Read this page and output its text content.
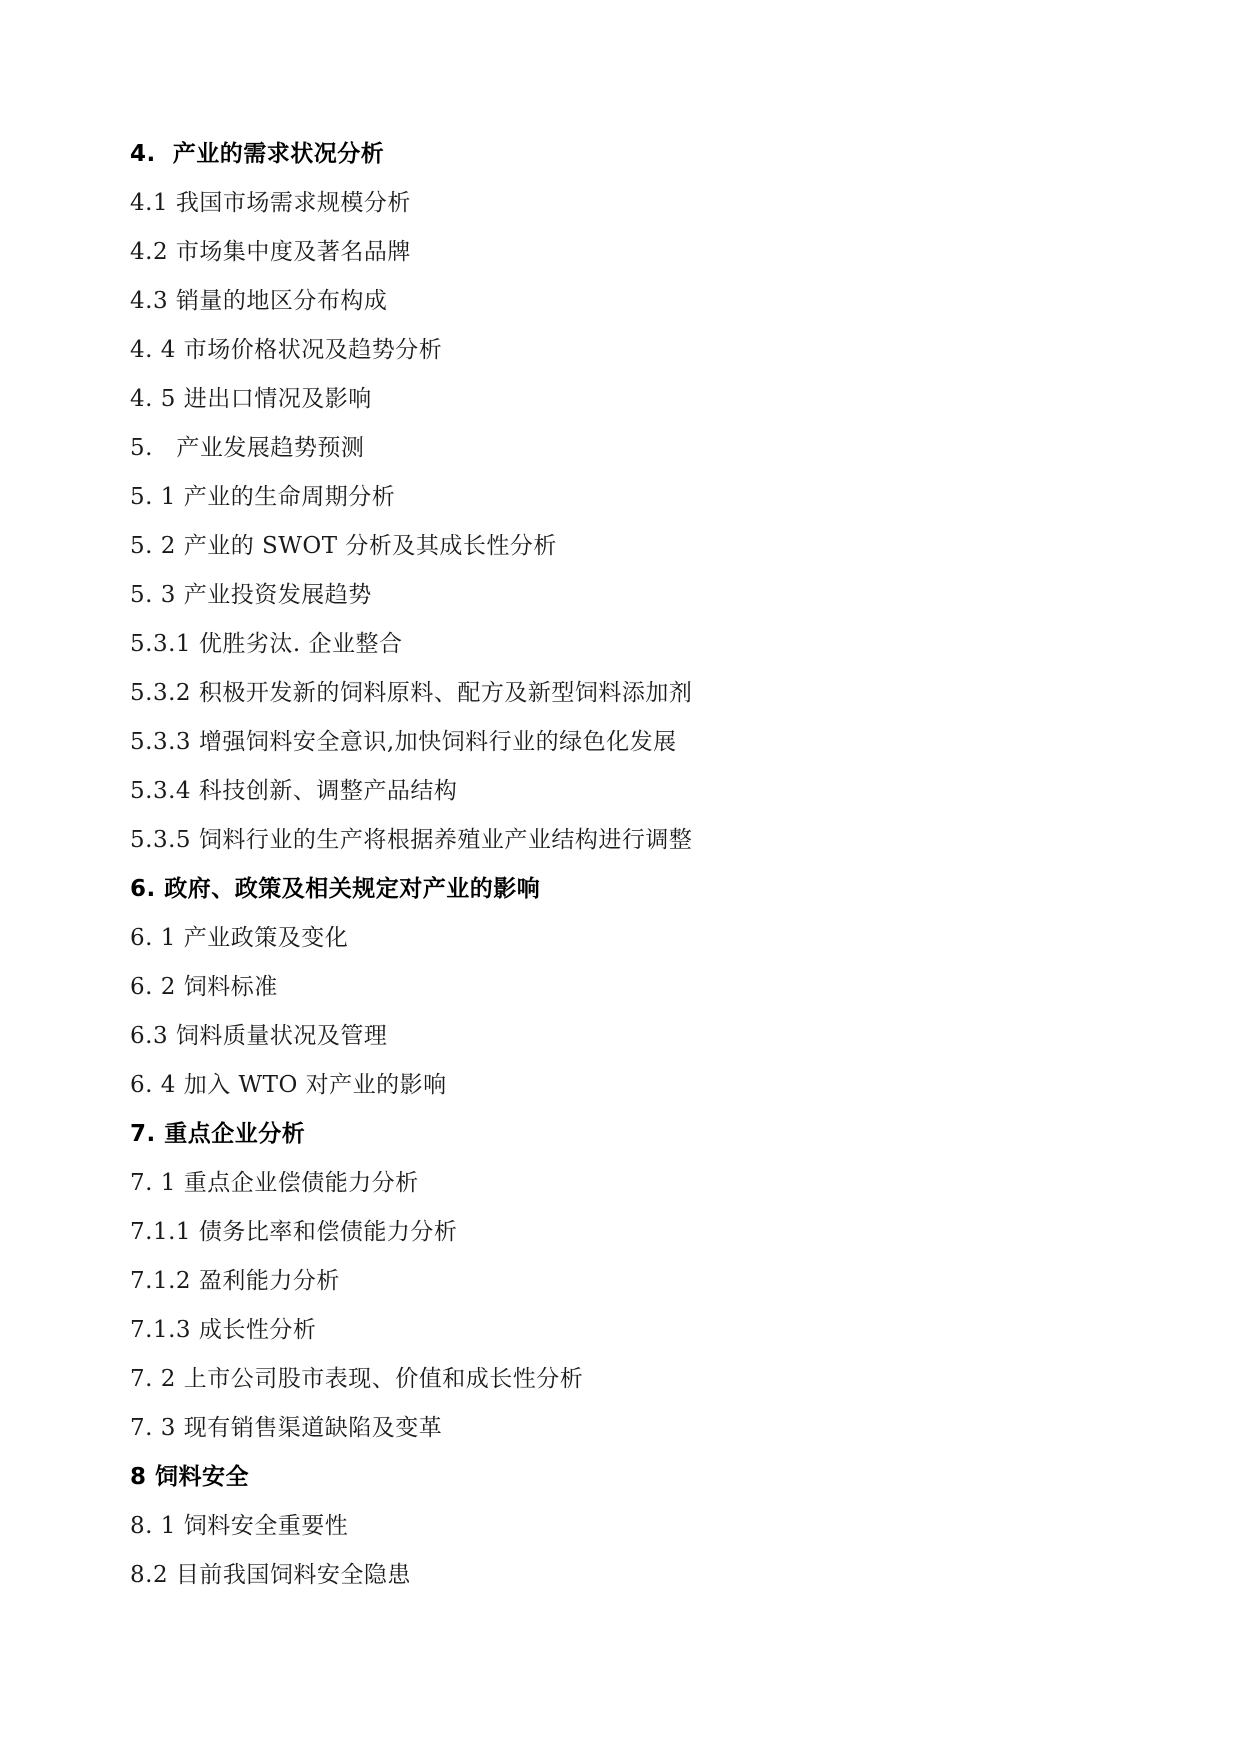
4.  产业的需求状况分析
4.1 我国市场需求规模分析
4.2 市场集中度及著名品牌
4.3 销量的地区分布构成
4. 4 市场价格状况及趋势分析
4. 5 进出口情况及影响
5.   产业发展趋势预测
5. 1 产业的生命周期分析
5. 2 产业的 SWOT 分析及其成长性分析
5. 3 产业投资发展趋势
5.3.1 优胜劣汰. 企业整合
5.3.2 积极开发新的饲料原料、配方及新型饲料添加剂
5.3.3 增强饲料安全意识,加快饲料行业的绿色化发展
5.3.4 科技创新、调整产品结构
5.3.5 饲料行业的生产将根据养殖业产业结构进行调整
6. 政府、政策及相关规定对产业的影响
6. 1 产业政策及变化
6. 2 饲料标准
6.3 饲料质量状况及管理
6. 4 加入 WTO 对产业的影响
7. 重点企业分析
7. 1 重点企业偿债能力分析
7.1.1 债务比率和偿债能力分析
7.1.2 盈利能力分析
7.1.3 成长性分析
7. 2 上市公司股市表现、价值和成长性分析
7. 3 现有销售渠道缺陷及变革
8 饲料安全
8. 1 饲料安全重要性
8.2 目前我国饲料安全隐患
